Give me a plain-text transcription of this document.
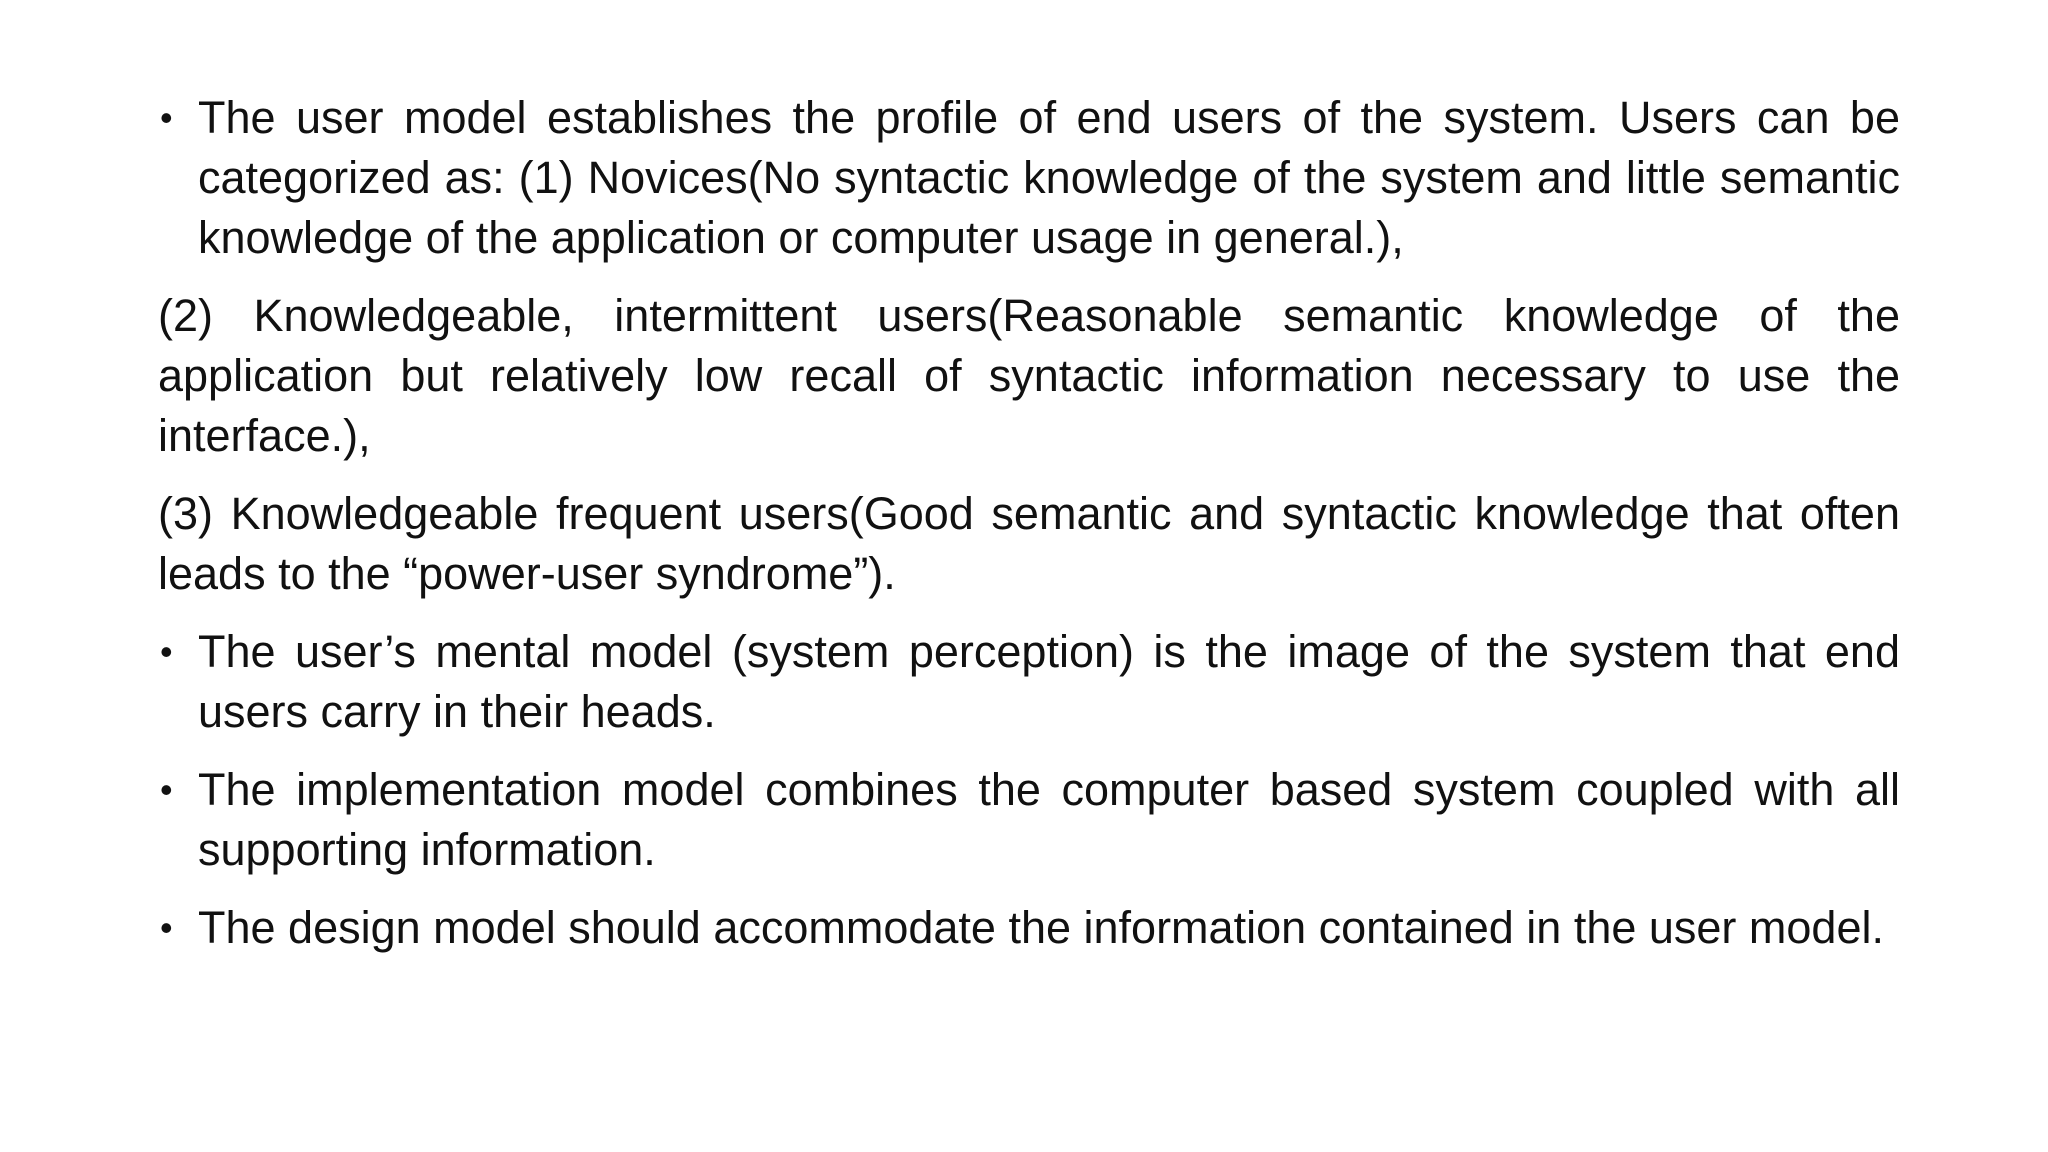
• The user model establishes the profile of end users of the system. Users can be categorized as: (1) Novices(No syntactic knowledge of the system and little semantic knowledge of the application or computer usage in general.),

(2) Knowledgeable, intermittent users(Reasonable semantic knowledge of the application but relatively low recall of syntactic information necessary to use the interface.),

(3) Knowledgeable frequent users(Good semantic and syntactic knowledge that often leads to the “power-user syndrome”).

• The user’s mental model (system perception) is the image of the system that end users carry in their heads.

• The implementation model combines the computer based system coupled with all supporting information.

• The design model should accommodate the information contained in the user model.
